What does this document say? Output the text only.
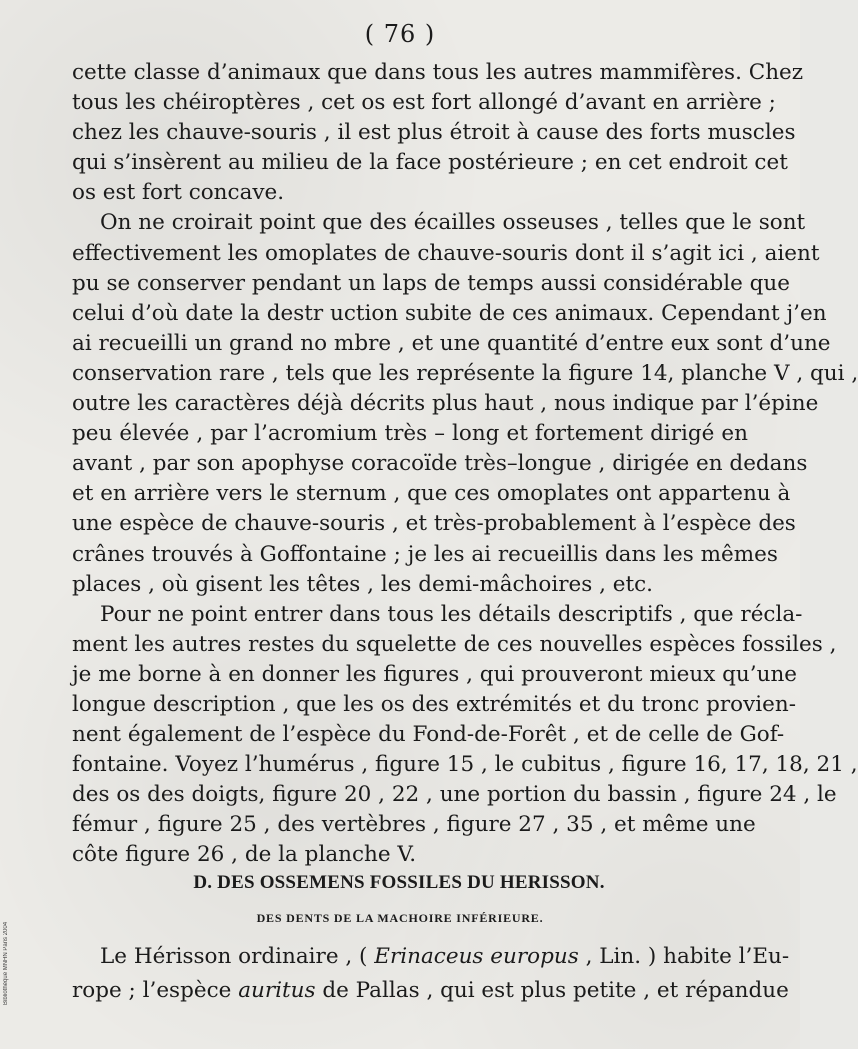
( 76 )
cette classe d’animaux que dans tous les autres mammifères. Chez
tous les chéiroptères , cet os est fort allongé d’avant en arrière ;
chez les chauve-souris , il est plus étroit à cause des forts muscles
qui s’insèrent au milieu de la face postérieure ; en cet endroit cet
os est fort concave.
On ne croirait point que des écailles osseuses , telles que le sont
effectivement les omoplates de chauve-souris dont il s’agit ici , aient
pu se conserver pendant un laps de temps aussi considérable que
celui d’où date la destr uction subite de ces animaux. Cependant j’en
ai recueilli un grand no mbre , et une quantité d’entre eux sont d’une
conservation rare , tels que les représente la figure 14, planche V , qui ,
outre les caractères déjà décrits plus haut , nous indique par l’épine
peu élevée , par l’acromium très – long et fortement dirigé en
avant , par son apophyse coracoïde très–longue , dirigée en dedans
et en arrière vers le sternum , que ces omoplates ont appartenu à
une espèce de chauve-souris , et très-probablement à l’espèce des
crânes trouvés à Goffontaine ; je les ai recueillis dans les mêmes
places , où gisent les têtes , les demi-mâchoires , etc.
Pour ne point entrer dans tous les détails descriptifs , que récla-
ment les autres restes du squelette de ces nouvelles espèces fossiles ,
je me borne à en donner les figures , qui prouveront mieux qu’une
longue description , que les os des extrémités et du tronc provien-
nent également de l’espèce du Fond-de-Forêt , et de celle de Gof-
fontaine. Voyez l’humérus , figure 15 , le cubitus , figure 16, 17, 18, 21 ,
des os des doigts, figure 20 , 22 , une portion du bassin , figure 24 , le
fémur , figure 25 , des vertèbres , figure 27 , 35 , et même une
côte figure 26 , de la planche V.
D. DES OSSEMENS FOSSILES DU HERISSON.
DES DENTS DE LA MACHOIRE INFÉRIEURE.
Le Hérisson ordinaire , ( Erinaceus europus , Lin. ) habite l’Eu-
rope ; l’espèce auritus de Pallas , qui est plus petite , et répandue
Bibliothèque MNHN Paris 2004
